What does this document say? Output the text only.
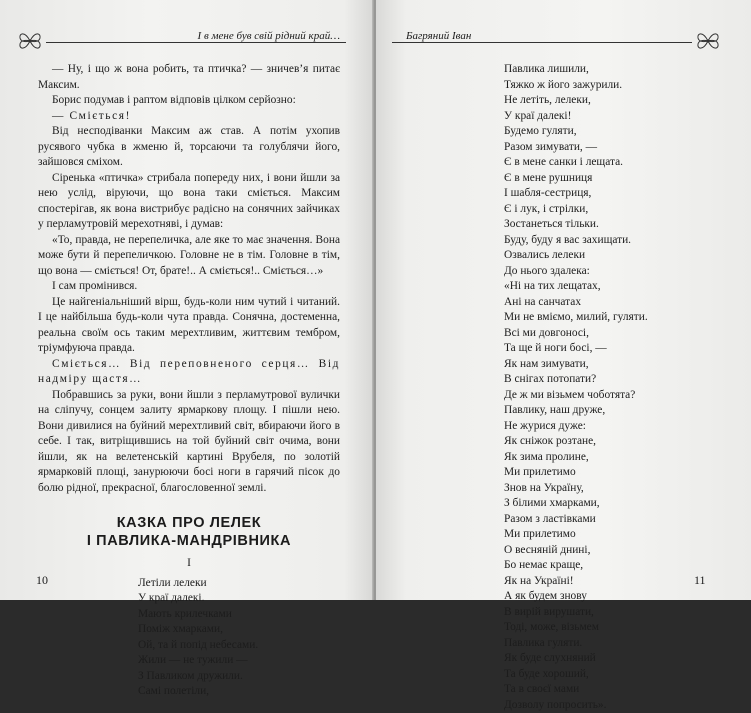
І в мене був свій рідний край…

— Ну, і що ж вона робить, та птичка? — зничев’я питає Максим.

Борис подумав і раптом відповів цілком серйозно:

— Сміється!

Від несподіванки Максим аж став. А потім ухопив русявого чубка в жменю й, торсаючи та голублячи його, зайшовся сміхом.

Сіренька «птичка» стрибала попереду них, і вони йшли за нею услід, віруючи, що вона таки сміється. Максим спостерігав, як вона вистрибує радісно на сонячних зайчиках у перламутровій мерехотняві, і думав:

«То, правда, не перепеличка, але яке то має значення. Вона може бути й перепеличкою. Головне не в тім. Головне в тім, що вона — сміється! От, брате!.. А сміється!.. Сміється…»

І сам промінився.

Це найгеніальніший вірш, будь-коли ним чутий і читаний. І це найбільша будь-коли чута правда. Сонячна, достеменна, реальна своїм ось таким мерехтливим, життєвим тембром, тріумфуюча правда.

Сміється… Від переповненого серця… Від надміру щастя…

Побравшись за руки, вони йшли з перламутрової вулички на сліпучу, сонцем залиту ярмаркову площу. І пішли нею. Вони дивилися на буйний мерехтливий світ, вбираючи його в себе. І так, витріщившись на той буйний світ очима, вони йшли, як на велетенській картині Врубеля, по золотій ярмарковій площі, занурюючи босі ноги в гарячий пісок до болю рідної, прекрасної, благословенної землі.

КАЗКА ПРО ЛЕЛЕК
І ПАВЛИКА-МАНДРІВНИКА
І
Летіли лелеки
У краї далекі.
Мають крилечками
Поміж хмарками,
Ой, та й попід небесами.
Жили — не тужили —
З Павликом дружили.
Самі полетіли,
10
Багряний Іван
Павлика лишили,
Тяжко ж його зажурили.
Не летіть, лелеки,
У краї далекі!
Будемо гуляти,
Разом зимувати, —
Є в мене санки і лещата.
Є в мене рушниця
І шабля-сестриця,
Є і лук, і стрілки,
Зостанеться тільки.
Буду, буду я вас захищати.
Озвались лелеки
До нього здалека:
«Ні на тих лещатах,
Ані на санчатах
Ми не вміємо, милий, гуляти.
Всі ми довгоносі,
Та ще й ноги босі, —
Як нам зимувати,
В снігах потопати?
Де ж ми візьмем чоботята?
Павлику, наш друже,
Не журися дуже:
Як сніжок розтане,
Як зима пролине,
Ми прилетимо
Знов на Україну,
З білими хмарками,
Разом з ластівками
Ми прилетимо
О весняній днині,
Бо немає краще,
Як на Україні!
А як будем знову
В вирій вирушати,
Тоді, може, візьмем
Павлика гуляти.
Як буде слухняний
Та буде хороший,
Та в своєї мами
Дозволу попросить».
11
